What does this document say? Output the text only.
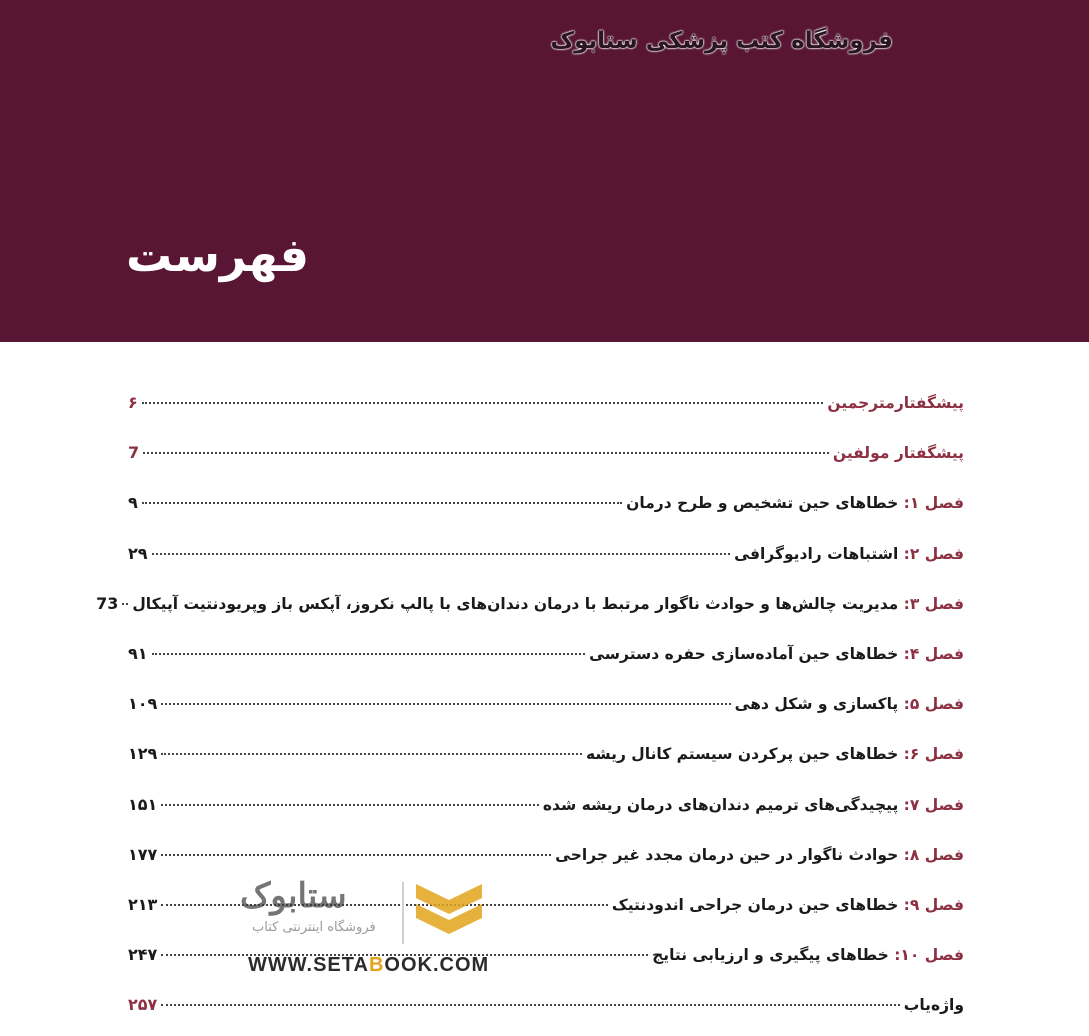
فروشگاه کتب پزشکی ستابوک
فهرست
پیشگفتارمترجمین
۶
پیشگفتار مولفین
7
فصل ۱: خطاهای حین تشخیص و طرح درمان
۹
فصل ۲: اشتباهات رادیوگرافی
۲۹
فصل ۳: مدیریت چالش‌ها و حوادث ناگوار مرتبط با درمان دندان‌های با پالپ نکروز، آپکس باز وپریودنتیت آپیکال
73
فصل ۴: خطاهای حین آماده‌سازی حفره دسترسی
۹۱
فصل ۵: پاکسازی و شکل دهی
۱۰۹
فصل ۶: خطاهای حین پرکردن سیستم کانال ریشه
۱۲۹
فصل ۷: پیچیدگی‌های ترمیم دندان‌های درمان ریشه شده
۱۵۱
فصل ۸: حوادث ناگوار در حین درمان مجدد غیر جراحی
۱۷۷
فصل ۹: خطاهای حین درمان جراحی اندودنتیک
۲۱۳
فصل ۱۰: خطاهای پیگیری و ارزیابی نتایج
۲۴۷
واژه‌یاب
۲۵۷
ستابوک
فروشگاه اینترنتی کتاب
WWW.SETABOOK.COM
